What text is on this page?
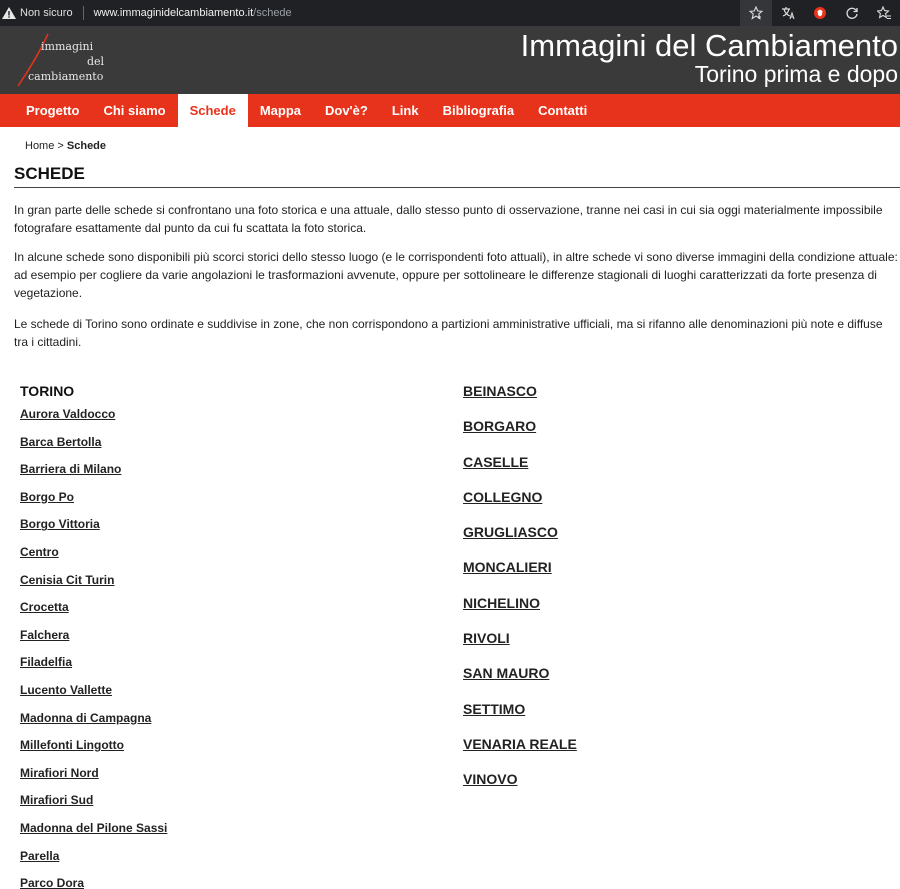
Non sicuro www.immaginidelcambiamento.it /schede
immagini
del
cambiamento
Immagini del Cambiamento
Torino prima e dopo
Progetto	Chi siamo	Schede	Mappa	Dov'è?	Link	Bibliografia	Contatti
Home > Schede
SCHEDE

In gran parte delle schede si confrontano una foto storica e una attuale, dallo stesso punto di osservazione, tranne nei casi in cui sia oggi materialmente impossibile fotografare esattamente dal punto da cui fu scattata la foto storica.

In alcune schede sono disponibili più scorci storici dello stesso luogo (e le corrispondenti foto attuali), in altre schede vi sono diverse immagini della condizione attuale: ad esempio per cogliere da varie angolazioni le trasformazioni avvenute, oppure per sottolineare le differenze stagionali di luoghi caratterizzati da forte presenza di vegetazione.

Le schede di Torino sono ordinate e suddivise in zone, che non corrispondono a partizioni amministrative ufficiali, ma si rifanno alle denominazioni più note e diffuse tra i cittadini.

TORINO
Aurora Valdocco
Barca Bertolla
Barriera di Milano
Borgo Po
Borgo Vittoria
Centro
Cenisia Cit Turin
Crocetta
Falchera
Filadelfia
Lucento Vallette
Madonna di Campagna
Millefonti Lingotto
Mirafiori Nord
Mirafiori Sud
Madonna del Pilone Sassi
Parella
Parco Dora
BEINASCO
BORGARO
CASELLE
COLLEGNO
GRUGLIASCO
MONCALIERI
NICHELINO
RIVOLI
SAN MAURO
SETTIMO
VENARIA REALE
VINOVO
